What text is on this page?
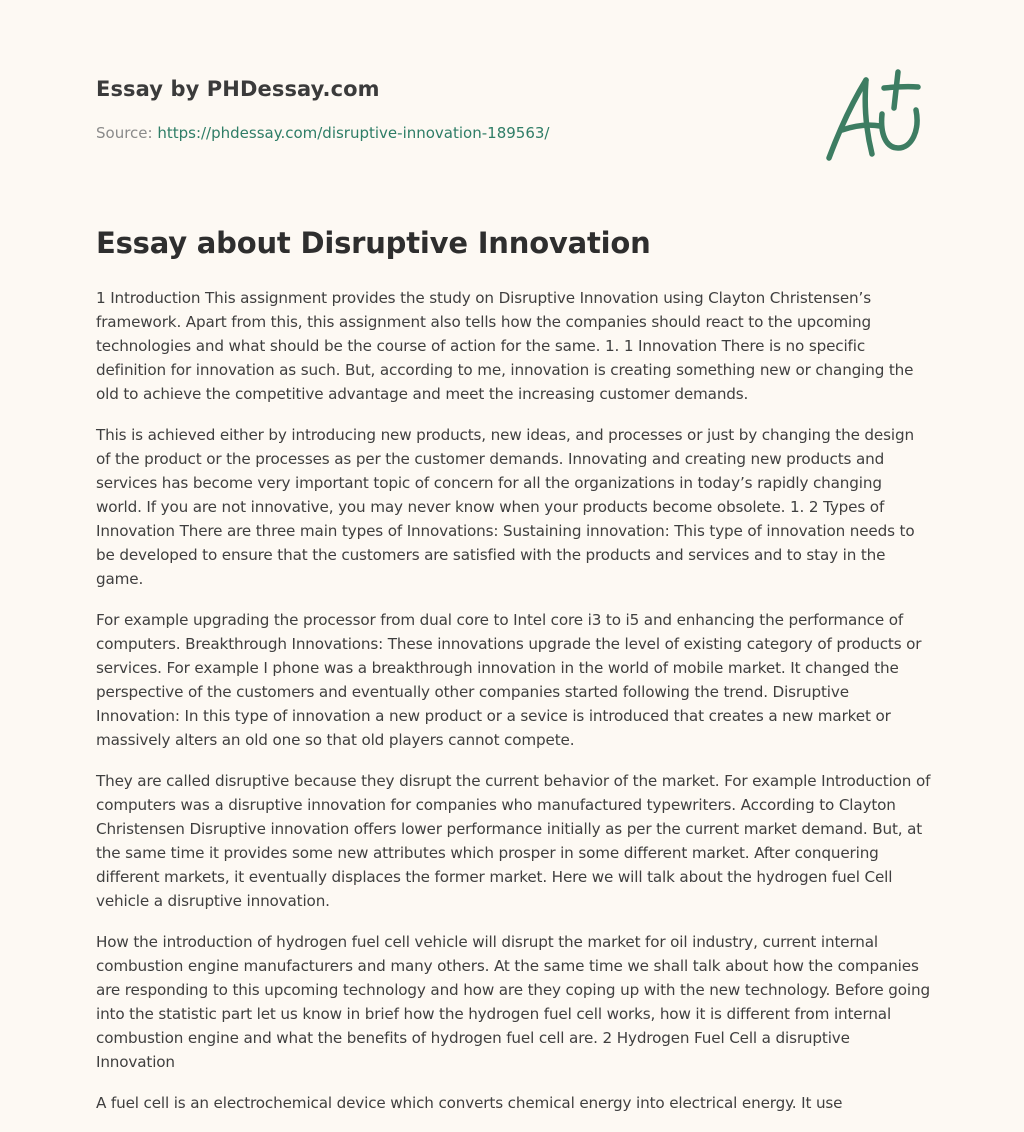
Essay by PHDessay.com
Source: https://phdessay.com/disruptive-innovation-189563/
Essay about Disruptive Innovation

1 Introduction This assignment provides the study on Disruptive Innovation using Clayton Christensen’s framework. Apart from this, this assignment also tells how the companies should react to the upcoming technologies and what should be the course of action for the same. 1. 1 Innovation There is no specific definition for innovation as such. But, according to me, innovation is creating something new or changing the old to achieve the competitive advantage and meet the increasing customer demands.

This is achieved either by introducing new products, new ideas, and processes or just by changing the design of the product or the processes as per the customer demands. Innovating and creating new products and services has become very important topic of concern for all the organizations in today’s rapidly changing world. If you are not innovative, you may never know when your products become obsolete. 1. 2 Types of Innovation There are three main types of Innovations: Sustaining innovation: This type of innovation needs to be developed to ensure that the customers are satisfied with the products and services and to stay in the game.

For example upgrading the processor from dual core to Intel core i3 to i5 and enhancing the performance of computers. Breakthrough Innovations: These innovations upgrade the level of existing category of products or services. For example I phone was a breakthrough innovation in the world of mobile market. It changed the perspective of the customers and eventually other companies started following the trend. Disruptive Innovation: In this type of innovation a new product or a sevice is introduced that creates a new market or massively alters an old one so that old players cannot compete.

They are called disruptive because they disrupt the current behavior of the market. For example Introduction of computers was a disruptive innovation for companies who manufactured typewriters. According to Clayton Christensen Disruptive innovation offers lower performance initially as per the current market demand. But, at the same time it provides some new attributes which prosper in some different market. After conquering different markets, it eventually displaces the former market. Here we will talk about the hydrogen fuel Cell vehicle a disruptive innovation.

How the introduction of hydrogen fuel cell vehicle will disrupt the market for oil industry, current internal combustion engine manufacturers and many others. At the same time we shall talk about how the companies are responding to this upcoming technology and how are they coping up with the new technology. Before going into the statistic part let us know in brief how the hydrogen fuel cell works, how it is different from internal combustion engine and what the benefits of hydrogen fuel cell are. 2 Hydrogen Fuel Cell a disruptive Innovation

A fuel cell is an electrochemical device which converts chemical energy into electrical energy. It use
